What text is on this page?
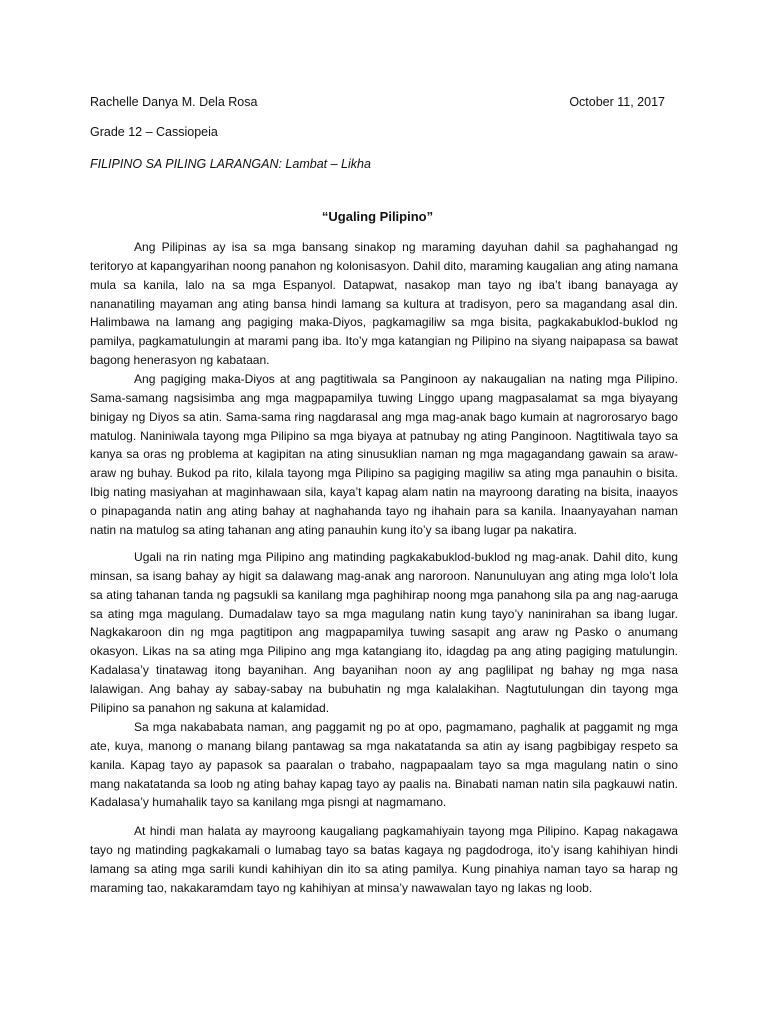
Rachelle Danya M. Dela Rosa	October 11, 2017
Grade 12 – Cassiopeia
FILIPINO SA PILING LARANGAN: Lambat – Likha
“Ugaling Pilipino”

Ang Pilipinas ay isa sa mga bansang sinakop ng maraming dayuhan dahil sa paghahangad ng teritoryo at kapangyarihan noong panahon ng kolonisasyon. Dahil dito, maraming kaugalian ang ating namana mula sa kanila, lalo na sa mga Espanyol. Datapwat, nasakop man tayo ng iba’t ibang banayaga ay nananatiling mayaman ang ating bansa hindi lamang sa kultura at tradisyon, pero sa magandang asal din. Halimbawa na lamang ang pagiging maka-Diyos, pagkamagiliw sa mga bisita, pagkakabuklod-buklod ng pamilya, pagkamatulungin at marami pang iba. Ito’y mga katangian ng Pilipino na siyang naipapasa sa bawat bagong henerasyon ng kabataan.

Ang pagiging maka-Diyos at ang pagtitiwala sa Panginoon ay nakaugalian na nating mga Pilipino. Sama-samang nagsisimba ang mga magpapamilya tuwing Linggo upang magpasalamat sa mga biyayang binigay ng Diyos sa atin. Sama-sama ring nagdarasal ang mga mag-anak bago kumain at nagrorosaryo bago matulog. Naniniwala tayong mga Pilipino sa mga biyaya at patnubay ng ating Panginoon. Nagtitiwala tayo sa kanya sa oras ng problema at kagipitan na ating sinusuklian naman ng mga magagandang gawain sa araw-araw ng buhay. Bukod pa rito, kilala tayong mga Pilipino sa pagiging magiliw sa ating mga panauhin o bisita. Ibig nating masiyahan at maginhawaan sila, kaya’t kapag alam natin na mayroong darating na bisita, inaayos o pinapaganda natin ang ating bahay at naghahanda tayo ng ihahain para sa kanila. Inaanyayahan naman natin na matulog sa ating tahanan ang ating panauhin kung ito’y sa ibang lugar pa nakatira.

Ugali na rin nating mga Pilipino ang matinding pagkakabuklod-buklod ng mag-anak. Dahil dito, kung minsan, sa isang bahay ay higit sa dalawang mag-anak ang naroroon. Nanunuluyan ang ating mga lolo’t lola sa ating tahanan tanda ng pagsukli sa kanilang mga paghihirap noong mga panahong sila pa ang nag-aaruga sa ating mga magulang. Dumadalaw tayo sa mga magulang natin kung tayo’y naninirahan sa ibang lugar. Nagkakaroon din ng mga pagtitipon ang magpapamilya tuwing sasapit ang araw ng Pasko o anumang okasyon. Likas na sa ating mga Pilipino ang mga katangiang ito, idagdag pa ang ating pagiging matulungin. Kadalasa’y tinatawag itong bayanihan. Ang bayanihan noon ay ang paglilipat ng bahay ng mga nasa lalawigan. Ang bahay ay sabay-sabay na bubuhatin ng mga kalalakihan. Nagtutulungan din tayong mga Pilipino sa panahon ng sakuna at kalamidad.

Sa mga nakababata naman, ang paggamit ng po at opo, pagmamano, paghalik at paggamit ng mga ate, kuya, manong o manang bilang pantawag sa mga nakatatanda sa atin ay isang pagbibigay respeto sa kanila. Kapag tayo ay papasok sa paaralan o trabaho, nagpapaalam tayo sa mga magulang natin o sino mang nakatatanda sa loob ng ating bahay kapag tayo ay paalis na. Binabati naman natin sila pagkauwi natin. Kadalasa’y humahalik tayo sa kanilang mga pisngi at nagmamano.

At hindi man halata ay mayroong kaugaliang pagkamahiyain tayong mga Pilipino. Kapag nakagawa tayo ng matinding pagkakamali o lumabag tayo sa batas kagaya ng pagdodroga, ito’y isang kahihiyan hindi lamang sa ating mga sarili kundi kahihiyan din ito sa ating pamilya. Kung pinahiya naman tayo sa harap ng maraming tao, nakakaramdam tayo ng kahihiyan at minsa’y nawawalan tayo ng lakas ng loob.
